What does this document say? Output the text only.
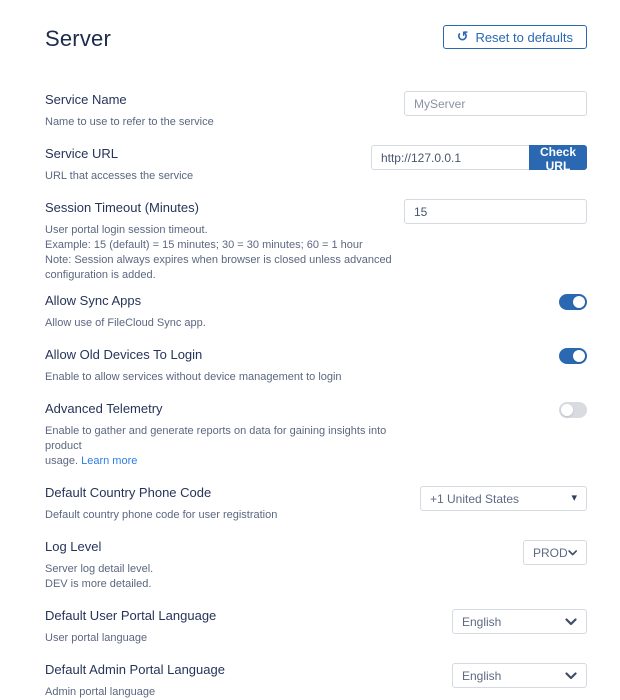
Server	↺ Reset to defaults
Service Name
Name to use to refer to the service
MyServer
Service URL
URL that accesses the service
http://127.0.0.1
Check URL
Session Timeout (Minutes)
User portal login session timeout.
Example: 15 (default) = 15 minutes; 30 = 30 minutes; 60 = 1 hour
Note: Session always expires when browser is closed unless advanced
configuration is added.
15
Allow Sync Apps
Allow use of FileCloud Sync app.
Allow Old Devices To Login
Enable to allow services without device management to login
Advanced Telemetry
Enable to gather and generate reports on data for gaining insights into product
usage. Learn more
Default Country Phone Code
Default country phone code for user registration
+1 United States	▾
Log Level
Server log detail level.
DEV is more detailed.
PROD
Default User Portal Language
User portal language
English
Default Admin Portal Language
Admin portal language
English
